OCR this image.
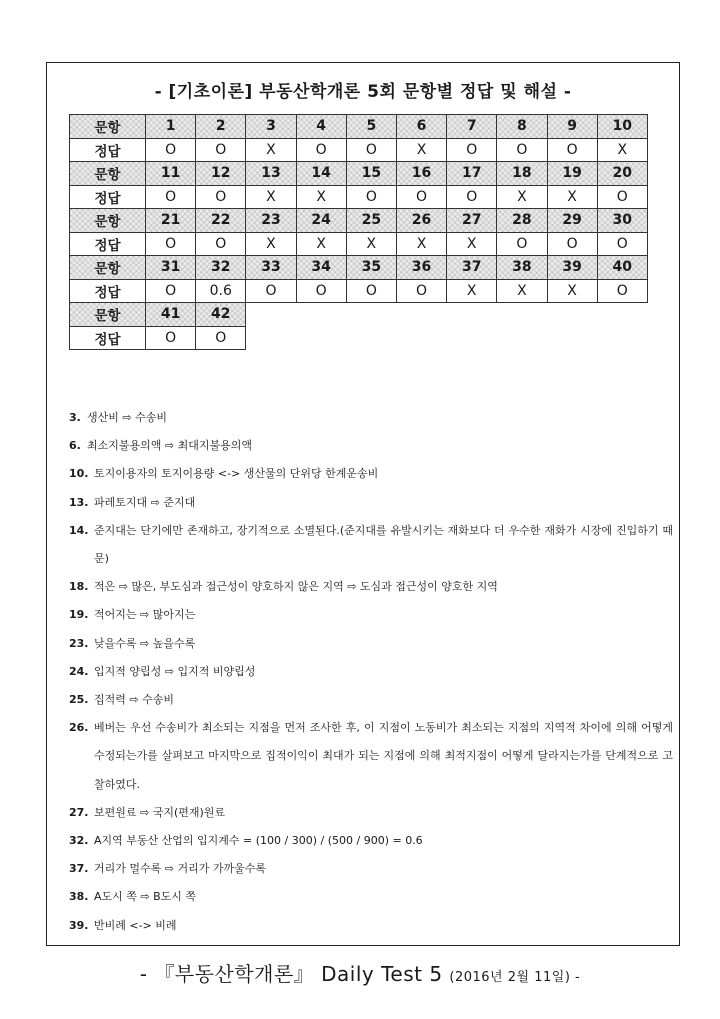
- [기초이론] 부동산학개론 5회 문항별 정답 및 해설 -
문항	1	2	3	4	5	6	7	8	9	10
정답	O	O	X	O	O	X	O	O	O	X
문항	11	12	13	14	15	16	17	18	19	20
정답	O	O	X	X	O	O	O	X	X	O
문항	21	22	23	24	25	26	27	28	29	30
정답	O	O	X	X	X	X	X	O	O	O
문항	31	32	33	34	35	36	37	38	39	40
정답	O	0.6	O	O	O	O	X	X	X	O
문항	41	42								
정답	O	O								
3. 생산비 ⇨ 수송비
6. 최소지불용의액 ⇨ 최대지불용의액
10. 토지이용자의 토지이용량 <-> 생산물의 단위당 한계운송비
13. 파레토지대 ⇨ 준지대
14. 준지대는 단기에만 존재하고, 장기적으로 소멸된다.(준지대를 유발시키는 재화보다 더 우수한 재화가 시장에 진입하기 때문)
18. 적은 ⇨ 많은, 부도심과 접근성이 양호하지 않은 지역 ⇨ 도심과 접근성이 양호한 지역
19. 적어지는 ⇨ 많아지는
23. 낮을수록 ⇨ 높을수록
24. 입지적 양립성 ⇨ 입지적 비양립성
25. 집적력 ⇨ 수송비
26. 베버는 우선 수송비가 최소되는 지점을 먼저 조사한 후, 이 지점이 노동비가 최소되는 지점의 지역적 차이에 의해 어떻게 수정되는가를 살펴보고 마지막으로 집적이익이 최대가 되는 지점에 의해 최적지점이 어떻게 달라지는가를 단계적으로 고찰하였다.
27. 보편원료 ⇨ 국지(편재)원료
32. A지역 부동산 산업의 입지계수 = (100 / 300) / (500 / 900) = 0.6
37. 거리가 멀수록 ⇨ 거리가 가까울수록
38. A도시 쪽 ⇨ B도시 쪽
39. 반비례 <-> 비례
- 『부동산학개론』 Daily Test 5 (2016년 2월 11일) -
